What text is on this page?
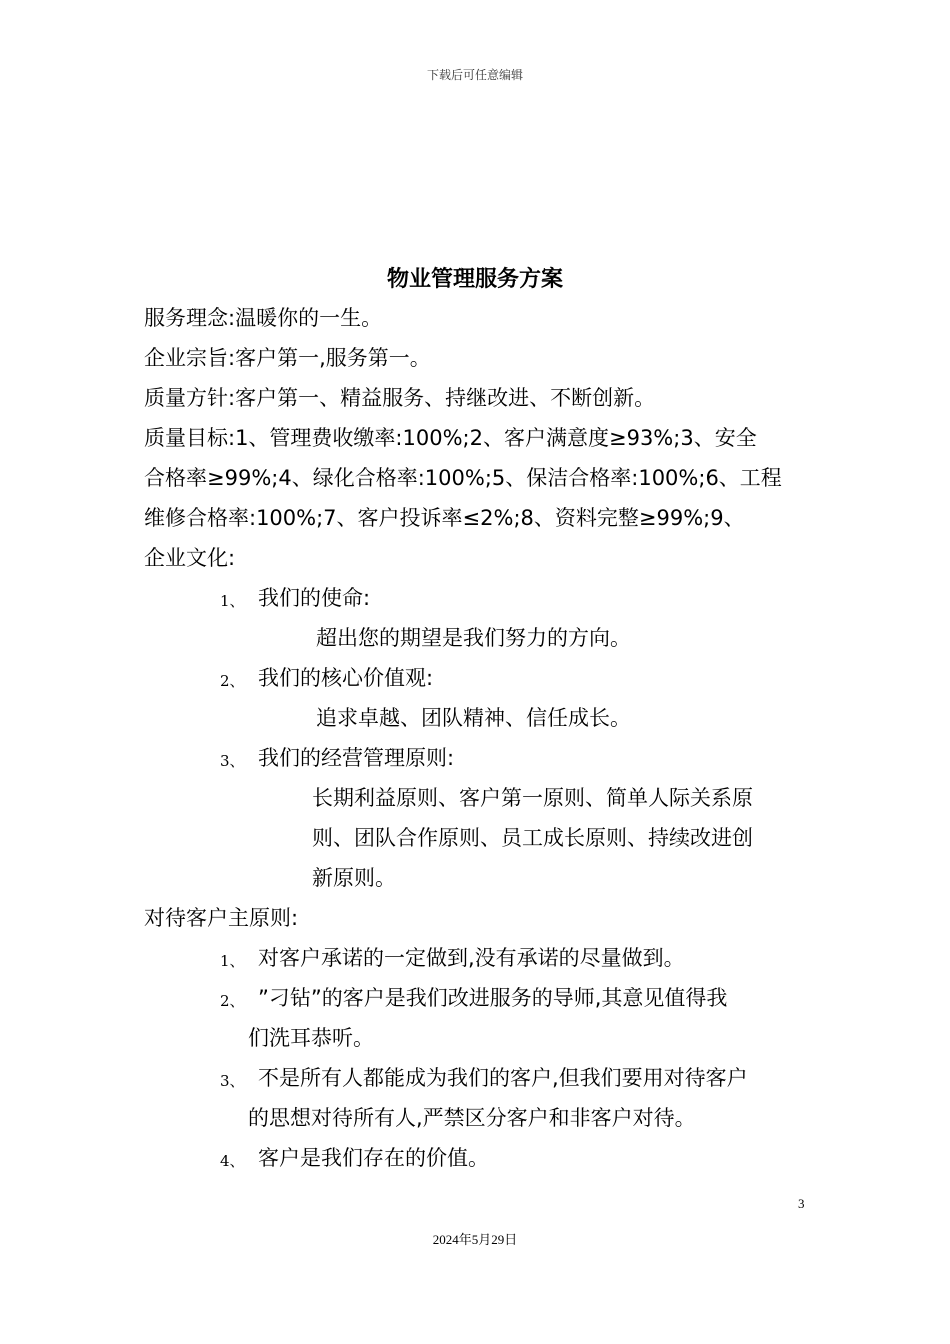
下载后可任意编辑
物业管理服务方案
服务理念:温暖你的一生。
企业宗旨:客户第一,服务第一。
质量方针:客户第一、精益服务、持继改进、不断创新。
质量目标:1、管理费收缴率:100%;2、客户满意度≥93%;3、安全
合格率≥99%;4、绿化合格率:100%;5、保洁合格率:100%;6、工程
维修合格率:100%;7、客户投诉率≤2%;8、资料完整≥99%;9、
企业文化:
1、 我们的使命:
超出您的期望是我们努力的方向。
2、 我们的核心价值观:
追求卓越、团队精神、信任成长。
3、 我们的经营管理原则:
长期利益原则、客户第一原则、简单人际关系原
则、团队合作原则、员工成长原则、持续改进创
新原则。
对待客户主原则:
1、 对客户承诺的一定做到,没有承诺的尽量做到。
2、 ”刁钻”的客户是我们改进服务的导师,其意见值得我
们洗耳恭听。
3、 不是所有人都能成为我们的客户,但我们要用对待客户
的思想对待所有人,严禁区分客户和非客户对待。
4、 客户是我们存在的价值。
3
2024年5月29日
